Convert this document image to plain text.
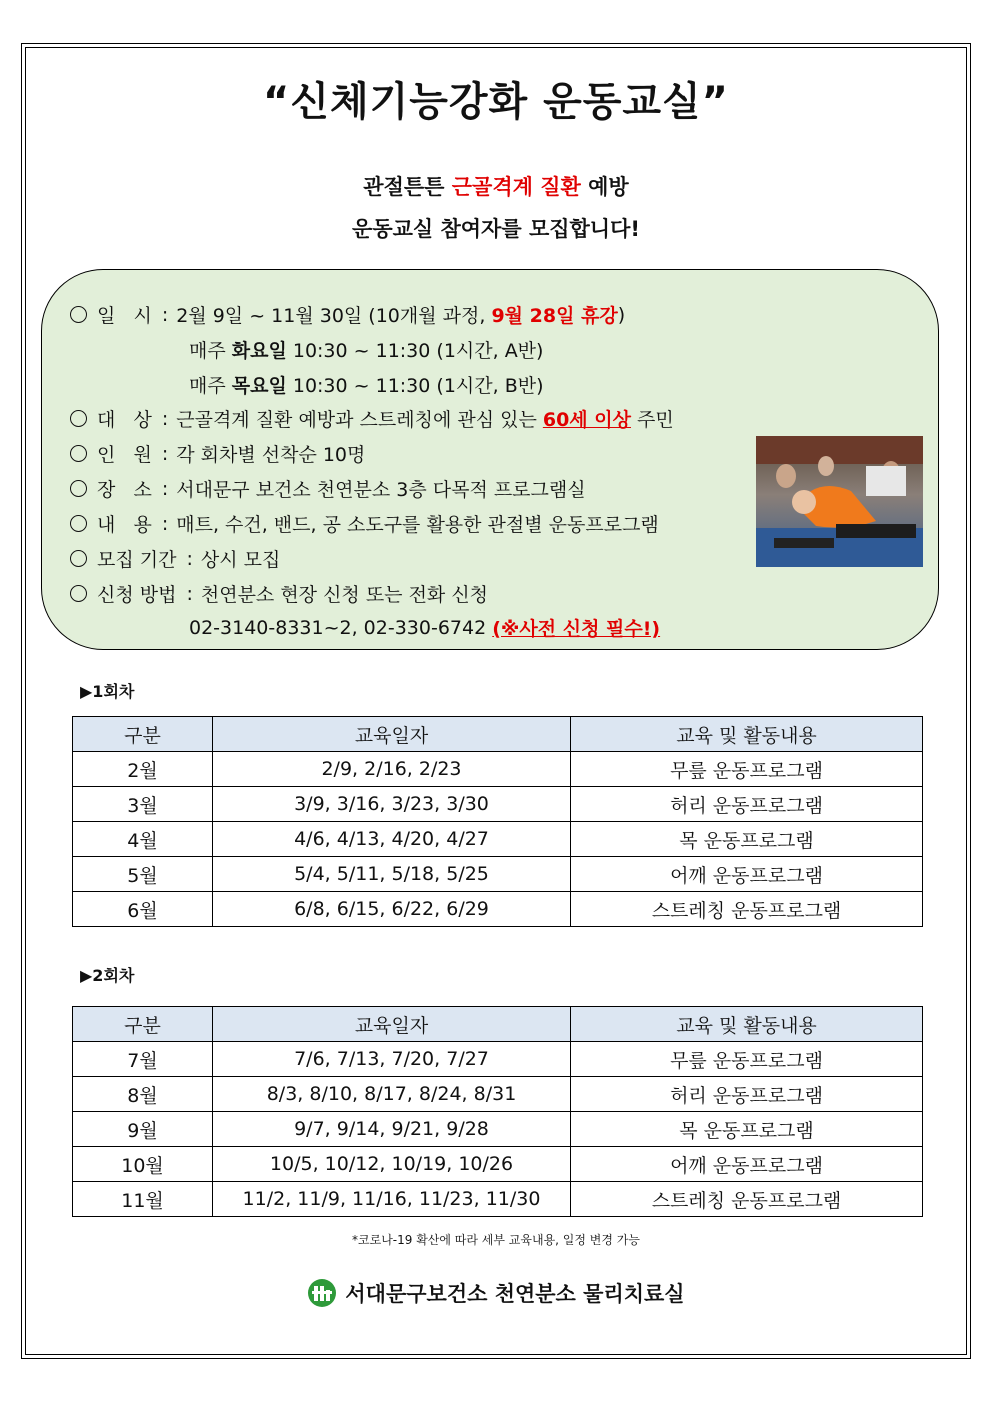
“신체기능강화 운동교실”
관절튼튼 근골격계 질환 예방
운동교실 참여자를 모집합니다!
일   시 : 2월 9일 ~ 11월 30일 (10개월 과정, 9월 28일 휴강 )
매주 화요일 10:30 ~ 11:30 (1시간, A반)
매주 목요일 10:30 ~ 11:30 (1시간, B반)
대   상 : 근골격계 질환 예방과 스트레칭에 관심 있는 60세 이상 주민
인   원 : 각 회차별 선착순 10명
장   소 : 서대문구 보건소 천연분소 3층 다목적 프로그램실
내   용 : 매트, 수건, 밴드, 공 소도구를 활용한 관절별 운동프로그램
모집 기간 : 상시 모집
신청 방법 : 천연분소 현장 신청 또는 전화 신청
02-3140-8331~2, 02-330-6742 (※사전 신청 필수!)
▶1회차
구분	교육일자	교육 및 활동내용
2월	2/9, 2/16, 2/23	무릎 운동프로그램
3월	3/9, 3/16, 3/23, 3/30	허리 운동프로그램
4월	4/6, 4/13, 4/20, 4/27	목 운동프로그램
5월	5/4, 5/11, 5/18, 5/25	어깨 운동프로그램
6월	6/8, 6/15, 6/22, 6/29	스트레칭 운동프로그램
▶2회차
구분	교육일자	교육 및 활동내용
7월	7/6, 7/13, 7/20, 7/27	무릎 운동프로그램
8월	8/3, 8/10, 8/17, 8/24, 8/31	허리 운동프로그램
9월	9/7, 9/14, 9/21, 9/28	목 운동프로그램
10월	10/5, 10/12, 10/19, 10/26	어깨 운동프로그램
11월	11/2, 11/9, 11/16, 11/23, 11/30	스트레칭 운동프로그램
*코로나-19 확산에 따라 세부 교육내용, 일정 변경 가능
서대문구보건소 천연분소 물리치료실
